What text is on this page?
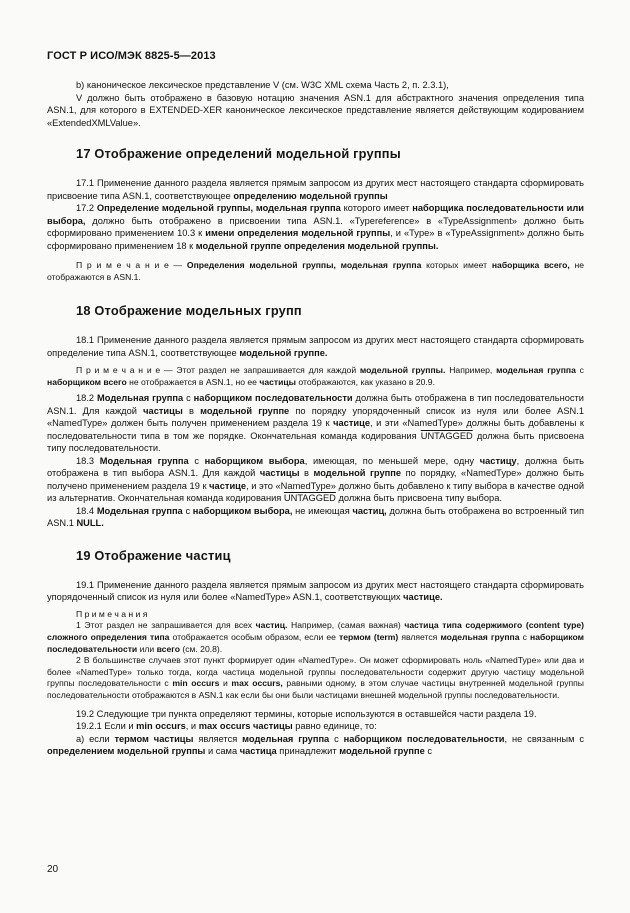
ГОСТ Р ИСО/МЭК 8825-5—2013

b) каноническое лексическое представление V (см. W3C XML схема Часть 2, п. 2.3.1),

V должно быть отображено в базовую нотацию значения ASN.1 для абстрактного значения определения типа ASN.1, для которого в EXTENDED-XER каноническое лексическое представление является действующим кодированием «ExtendedXMLValue».

17 Отображение определений модельной группы

17.1 Применение данного раздела является прямым запросом из других мест настоящего стандарта сформировать присвоение типа ASN.1, соответствующее определению модельной группы

17.2 Определение модельной группы, модельная группа которого имеет наборщика последовательности или выбора, должно быть отображено в присвоении типа ASN.1. «Typereference» в «TypeAssignment» должно быть сформировано применением 10.3 к имени определения модельной группы, и «Type» в «TypeAssignment» должно быть сформировано применением 18 к модельной группе определения модельной группы.

П р и м е ч а н и е — Определения модельной группы, модельная группа которых имеет наборщика всего, не отображаются в ASN.1.

18 Отображение модельных групп

18.1 Применение данного раздела является прямым запросом из других мест настоящего стандарта сформировать определение типа ASN.1, соответствующее модельной группе.

П р и м е ч а н и е — Этот раздел не запрашивается для каждой модельной группы. Например, модельная группа с наборщиком всего не отображается в ASN.1, но ее частицы отображаются, как указано в 20.9.

18.2 Модельная группа с наборщиком последовательности должна быть отображена в тип последовательности ASN.1. Для каждой частицы в модельной группе по порядку упорядоченный список из нуля или более ASN.1 «NamedType» должен быть получен применением раздела 19 к частице, и эти «NamedType» должны быть добавлены к последовательности типа в том же порядке. Окончательная команда кодирования UNTAGGED должна быть присвоена типу последовательности.

18.3 Модельная группа с наборщиком выбора, имеющая, по меньшей мере, одну частицу, должна быть отображена в тип выбора ASN.1. Для каждой частицы в модельной группе по порядку, «NamedType» должно быть получено применением раздела 19 к частице, и это «NamedType» должно быть добавлено к типу выбора в качестве одной из альтернатив. Окончательная команда кодирования UNTAGGED должна быть присвоена типу выбора.

18.4 Модельная группа с наборщиком выбора, не имеющая частиц, должна быть отображена во встроенный тип ASN.1 NULL.

19 Отображение частиц

19.1 Применение данного раздела является прямым запросом из других мест настоящего стандарта сформировать упорядоченный список из нуля или более «NamedType» ASN.1, соответствующих частице.

П р и м е ч а н и я

1 Этот раздел не запрашивается для всех частиц. Например, (самая важная) частица типа содержимого (content type) сложного определения типа отображается особым образом, если ее термом (term) является модельная группа с наборщиком последовательности или всего (см. 20.8).

2 В большинстве случаев этот пункт формирует один «NamedType». Он может сформировать ноль «NamedType» или два и более «NamedType» только тогда, когда частица модельной группы последовательности содержит другую частицу модельной группы последовательности с min occurs и max occurs, равными одному, в этом случае частицы внутренней модельной группы последовательности отображаются в ASN.1 как если бы они были частицами внешней модельной группы последовательности.

19.2 Следующие три пункта определяют термины, которые используются в оставшейся части раздела 19.

19.2.1 Если и min occurs, и max occurs частицы равно единице, то:

а) если термом частицы является модельная группа с наборщиком последовательности, не связанным с определением модельной группы и сама частица принадлежит модельной группе с

20
